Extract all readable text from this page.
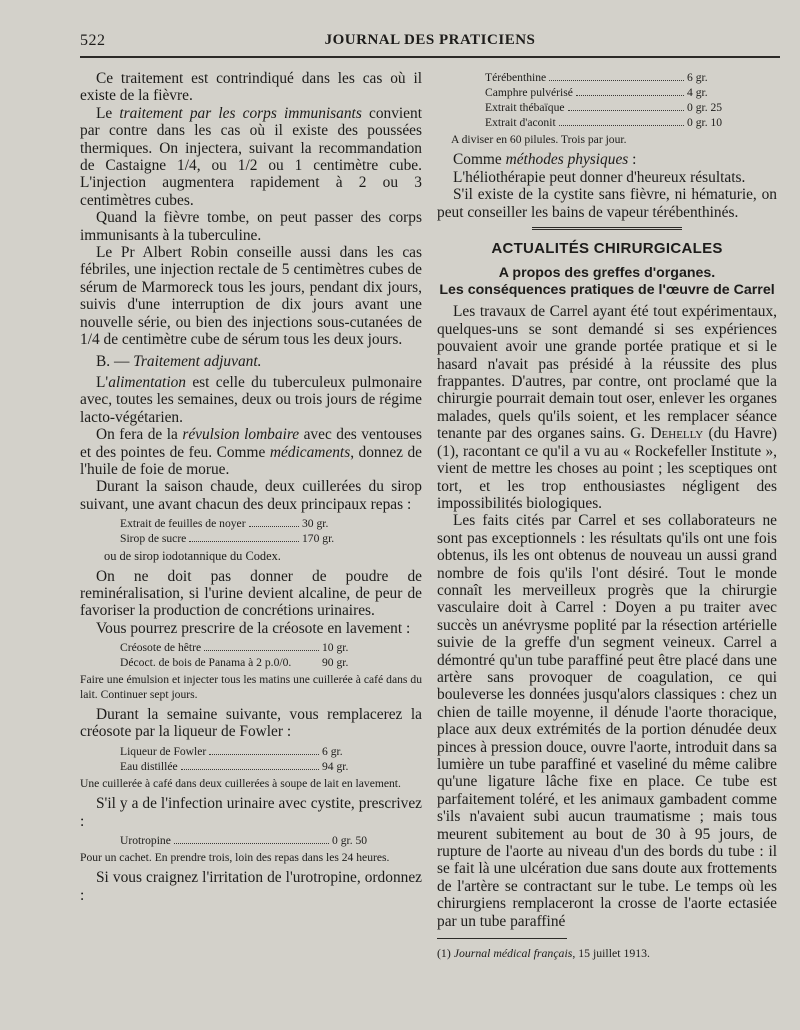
522	JOURNAL DES PRATICIENS

Ce traitement est contrindiqué dans les cas où il existe de la fièvre.

Le traitement par les corps immunisants convient par contre dans les cas où il existe des poussées thermiques. On injectera, suivant la recommandation de Castaigne 1/4, ou 1/2 ou 1 centimètre cube. L'injection augmentera rapidement à 2 ou 3 centimètres cubes.

Quand la fièvre tombe, on peut passer des corps immunisants à la tuberculine.

Le Pr Albert Robin conseille aussi dans les cas fébriles, une injection rectale de 5 centimètres cubes de sérum de Marmoreck tous les jours, pendant dix jours, suivis d'une interruption de dix jours avant une nouvelle série, ou bien des injections sous-cutanées de 1/4 de centimètre cube de sérum tous les deux jours.

B. — Traitement adjuvant.

L'alimentation est celle du tuberculeux pulmonaire avec, toutes les semaines, deux ou trois jours de régime lacto-végétarien.

On fera de la révulsion lombaire avec des ventouses et des pointes de feu. Comme médicaments, donnez de l'huile de foie de morue.

Durant la saison chaude, deux cuillerées du sirop suivant, une avant chacun des deux principaux repas :

Extrait de feuilles de noyer	30 gr.
Sirop de sucre	170 gr.

ou de sirop iodotannique du Codex.

On ne doit pas donner de poudre de reminéralisation, si l'urine devient alcaline, de peur de favoriser la production de concrétions urinaires.

Vous pourrez prescrire de la créosote en lavement :

Créosote de hêtre	10 gr.
Décoct. de bois de Panama à 2 p.0/0.	90 gr.

Faire une émulsion et injecter tous les matins une cuillerée à café dans du lait. Continuer sept jours.

Durant la semaine suivante, vous remplacerez la créosote par la liqueur de Fowler :

Liqueur de Fowler	6 gr.
Eau distillée	94 gr.

Une cuillerée à café dans deux cuillerées à soupe de lait en lavement.

S'il y a de l'infection urinaire avec cystite, prescrivez :

Urotropine	0 gr. 50

Pour un cachet. En prendre trois, loin des repas dans les 24 heures.

Si vous craignez l'irritation de l'urotropine, ordonnez :

Térébenthine	6 gr.
Camphre pulvérisé	4 gr.
Extrait thébaïque	0 gr. 25
Extrait d'aconit	0 gr. 10

A diviser en 60 pilules. Trois par jour.

Comme méthodes physiques :

L'héliothérapie peut donner d'heureux résultats.

S'il existe de la cystite sans fièvre, ni hématurie, on peut conseiller les bains de vapeur térébenthinés.

ACTUALITÉS CHIRURGICALES
A propos des greffes d'organes.
Les conséquences pratiques de l'œuvre de Carrel

Les travaux de Carrel ayant été tout expérimentaux, quelques-uns se sont demandé si ses expériences pouvaient avoir une grande portée pratique et si le hasard n'avait pas présidé à la réussite des plus frappantes. D'autres, par contre, ont proclamé que la chirurgie pourrait demain tout oser, enlever les organes malades, quels qu'ils soient, et les remplacer séance tenante par des organes sains. G. Dehelly (du Havre) (1), racontant ce qu'il a vu au « Rockefeller Institute », vient de mettre les choses au point ; les sceptiques ont tort, et les trop enthousiastes négligent des impossibilités biologiques.

Les faits cités par Carrel et ses collaborateurs ne sont pas exceptionnels : les résultats qu'ils ont une fois obtenus, ils les ont obtenus de nouveau un aussi grand nombre de fois qu'ils l'ont désiré. Tout le monde connaît les merveilleux progrès que la chirurgie vasculaire doit à Carrel : Doyen a pu traiter avec succès un anévrysme poplité par la résection artérielle suivie de la greffe d'un segment veineux. Carrel a démontré qu'un tube paraffiné peut être placé dans une artère sans provoquer de coagulation, ce qui bouleverse les données jusqu'alors classiques : chez un chien de taille moyenne, il dénude l'aorte thoracique, place aux deux extrémités de la portion dénudée deux pinces à pression douce, ouvre l'aorte, introduit dans sa lumière un tube paraffiné et vaseliné du même calibre qu'une ligature lâche fixe en place. Ce tube est parfaitement toléré, et les animaux gambadent comme s'ils n'avaient subi aucun traumatisme ; mais tous meurent subitement au bout de 30 à 95 jours, de rupture de l'aorte au niveau d'un des bords du tube : il se fait là une ulcération due sans doute aux frottements de l'artère se contractant sur le tube. Le temps où les chirurgiens remplaceront la crosse de l'aorte ectasiée par un tube paraffiné

(1) Journal médical français, 15 juillet 1913.
